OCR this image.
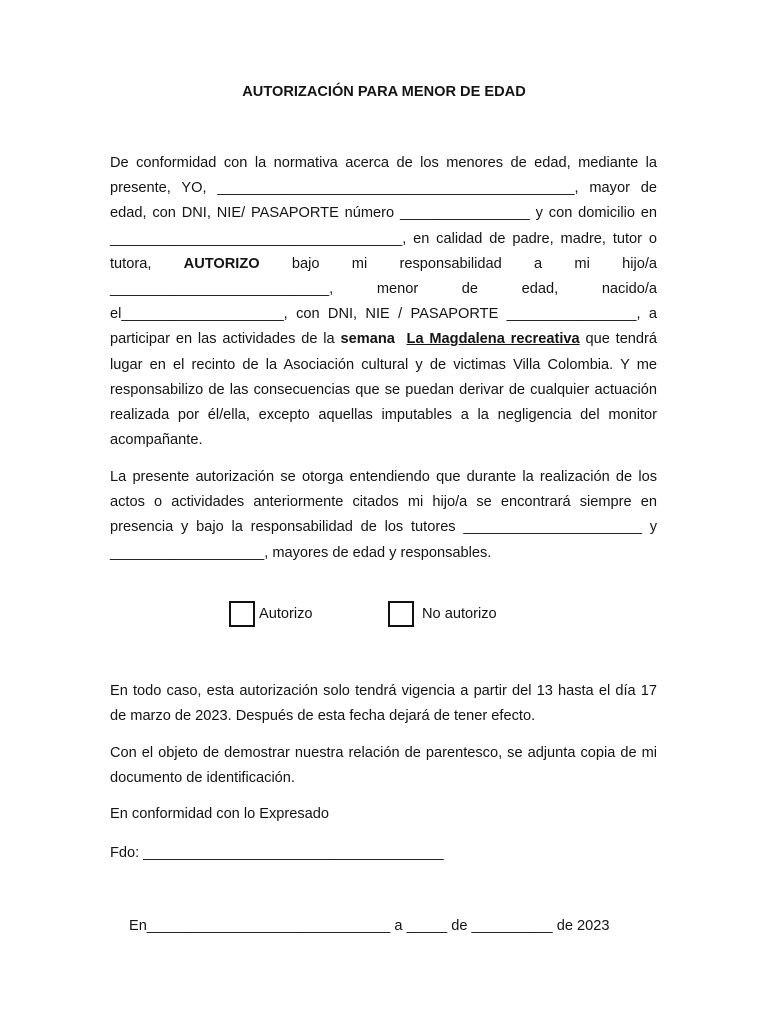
AUTORIZACIÓN PARA MENOR DE EDAD

De conformidad con la normativa acerca de los menores de edad, mediante la presente, YO, ____________________________________________, mayor de edad, con DNI, NIE/ PASAPORTE número ________________ y con domicilio en ____________________________________, en calidad de padre, madre, tutor o tutora, AUTORIZO bajo mi responsabilidad a mi hijo/a ___________________________, menor de edad, nacido/a el____________________, con DNI, NIE / PASAPORTE ________________, a participar en las actividades de la semana La Magdalena recreativa que tendrá lugar en el recinto de la Asociación cultural y de victimas Villa Colombia. Y me responsabilizo de las consecuencias que se puedan derivar de cualquier actuación realizada por él/ella, excepto aquellas imputables a la negligencia del monitor acompañante.

La presente autorización se otorga entendiendo que durante la realización de los actos o actividades anteriormente citados mi hijo/a se encontrará siempre en presencia y bajo la responsabilidad de los tutores ______________________ y ___________________, mayores de edad y responsables.

Autorizo	No autorizo

En todo caso, esta autorización solo tendrá vigencia a partir del 13 hasta el día 17 de marzo de 2023. Después de esta fecha dejará de tener efecto.

Con el objeto de demostrar nuestra relación de parentesco, se adjunta copia de mi documento de identificación.

En conformidad con lo Expresado

Fdo: _____________________________________

En______________________________ a _____ de __________ de 2023
